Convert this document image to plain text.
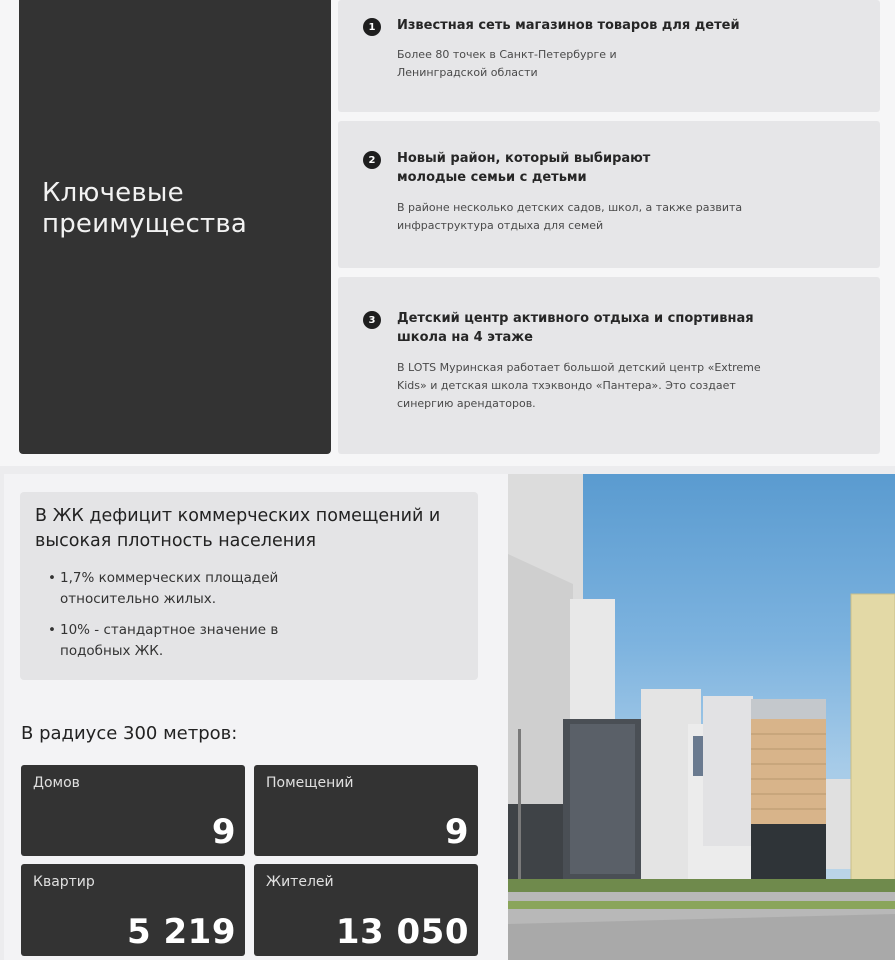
Ключевые преимущества
1	Известная сеть магазинов товаров для детей
Более 80 точек в Санкт-Петербурге и Ленинградской области
2	Новый район, который выбирают молодые семьи с детьми
В районе несколько детских садов, школ, а также развита инфраструктура отдыха для семей
3	Детский центр активного отдыха и спортивная школа на 4 этаже
В LOTS Муринская работает большой детский центр «Extreme Kids» и детская школа тхэквондо «Пантера». Это создает синергию арендаторов.
В ЖК дефицит коммерческих помещений и высокая плотность населения
• 1,7% коммерческих площадей относительно жилых.
• 10% - стандартное значение в подобных ЖК.
В радиусе 300 метров:
Домов
9
Помещений
9
Квартир
5 219
Жителей
13 050
